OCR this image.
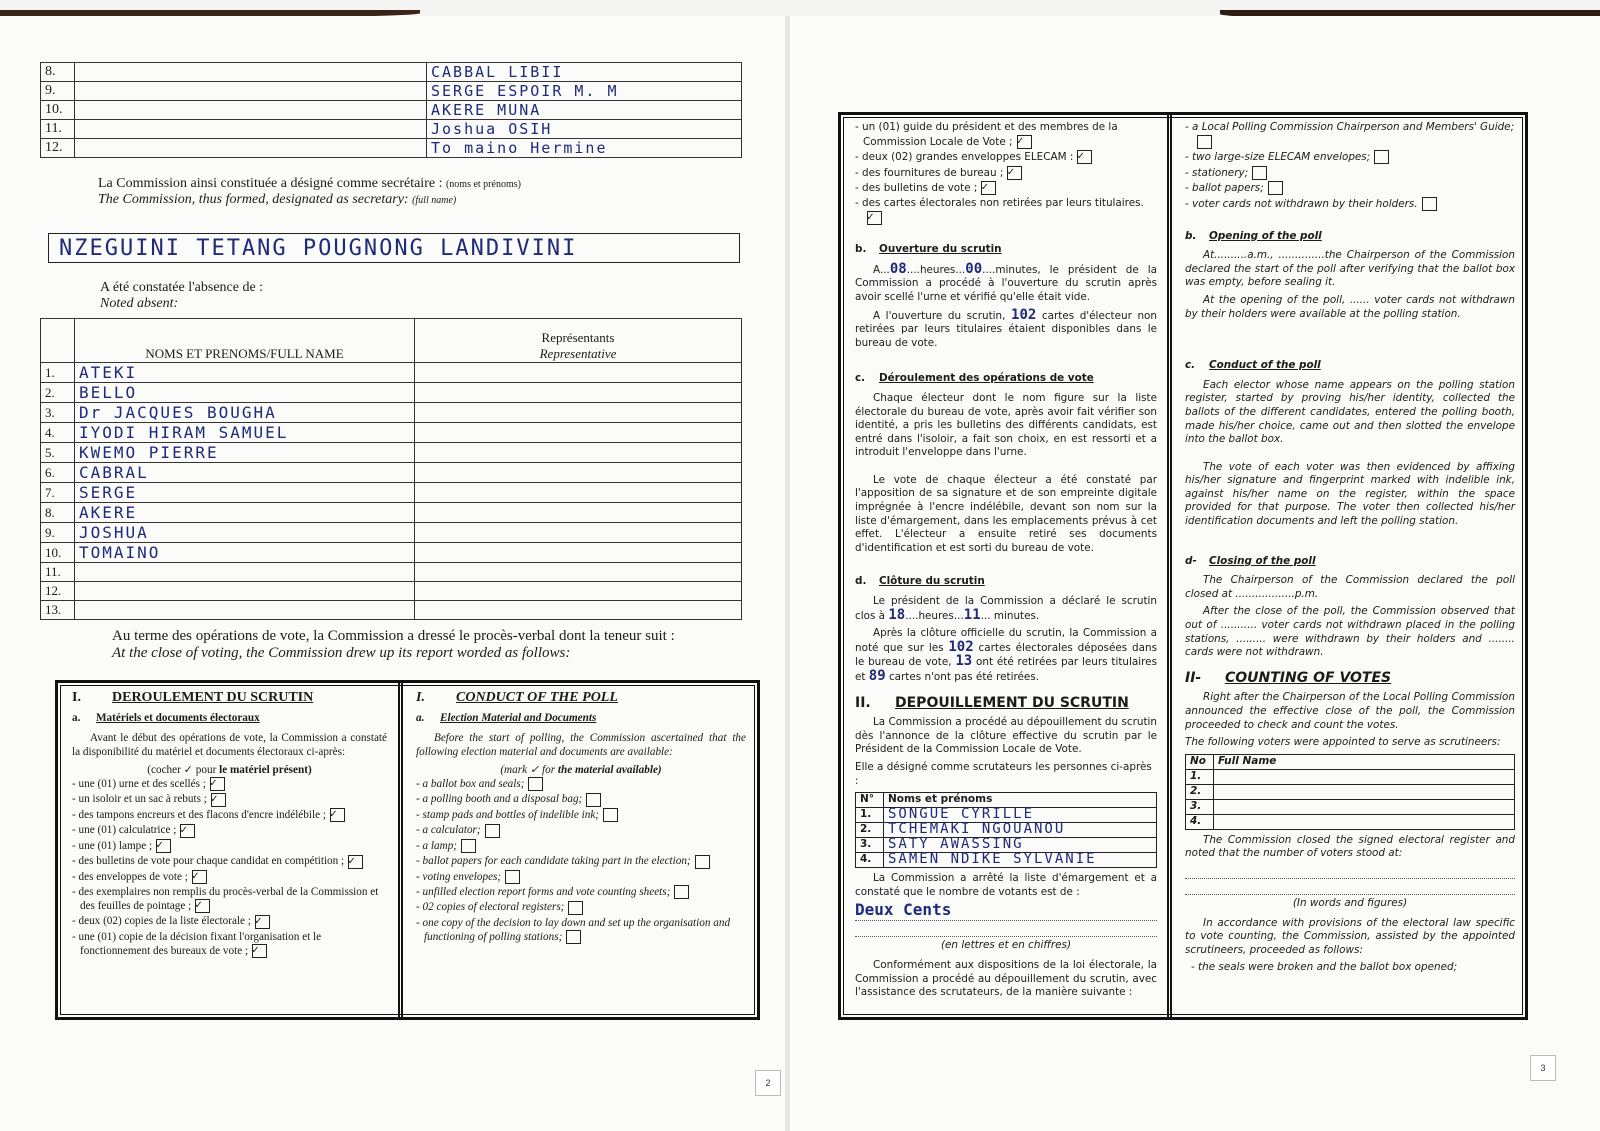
8.		CABBAL LIBII
9.		SERGE ESPOIR M. M
10.		AKERE MUNA
11.		Joshua OSIH
12.		To maino Hermine
La Commission ainsi constituée a désigné comme secrétaire : (noms et prénoms)
The Commission, thus formed, designated as secretary: (full name)
NZEGUINI TETANG POUGNONG LANDIVINI
A été constatée l'absence de :
Noted absent:
	NOMS ET PRENOMS/FULL NAME	Représentants
Representative

1.	ATEKI	
2.	BELLO	
3.	Dr JACQUES BOUGHA	
4.	IYODI HIRAM SAMUEL	
5.	KWEMO PIERRE	
6.	CABRAL	
7.	SERGE	
8.	AKERE	
9.	JOSHUA	
10.	TOMAINO	
11.		
12.		
13.		
Au terme des opérations de vote, la Commission a dressé le procès-verbal dont la teneur suit :
At the close of voting, the Commission drew up its report worded as follows:
I. DEROULEMENT DU SCRUTIN
a. Matériels et documents électoraux
Avant le début des opérations de vote, la Commission a constaté la disponibilité du matériel et documents électoraux ci-après:
(cocher ✓ pour le matériel présent)
- une (01) urne et des scellés ; ✓
- un isoloir et un sac à rebuts ; ✓
- des tampons encreurs et des flacons d'encre indélébile ; ✓
- une (01) calculatrice ; ✓
- une (01) lampe ; ✓
- des bulletins de vote pour chaque candidat en compétition ; ✓
- des enveloppes de vote ; ✓
- des exemplaires non remplis du procès-verbal de la Commission et des feuilles de pointage ; ✓
- deux (02) copies de la liste électorale ; ✓
- une (01) copie de la décision fixant l'organisation et le fonctionnement des bureaux de vote ; ✓
I. CONDUCT OF THE POLL
a. Election Material and Documents
Before the start of polling, the Commission ascertained that the following election material and documents are available:
(mark ✓ for the material available)
- a ballot box and seals;
- a polling booth and a disposal bag;
- stamp pads and bottles of indelible ink;
- a calculator;
- a lamp;
- ballot papers for each candidate taking part in the election;
- voting envelopes;
- unfilled election report forms and vote counting sheets;
- 02 copies of electoral registers;
- one copy of the decision to lay down and set up the organisation and functioning of polling stations;
2
- un (01) guide du président et des membres de la Commission Locale de Vote ; ✓
- deux (02) grandes enveloppes ELECAM : ✓
- des fournitures de bureau ; ✓
- des bulletins de vote ; ✓
- des cartes électorales non retirées par leurs titulaires.✓
b. Ouverture du scrutin
A...08....heures...00....minutes, le président de la Commission a procédé à l'ouverture du scrutin après avoir scellé l'urne et vérifié qu'elle était vide.
A l'ouverture du scrutin, 102 cartes d'électeur non retirées par leurs titulaires étaient disponibles dans le bureau de vote.
c. Déroulement des opérations de vote
Chaque électeur dont le nom figure sur la liste électorale du bureau de vote, après avoir fait vérifier son identité, a pris les bulletins des différents candidats, est entré dans l'isoloir, a fait son choix, en est ressorti et a introduit l'enveloppe dans l'urne.
Le vote de chaque électeur a été constaté par l'apposition de sa signature et de son empreinte digitale imprégnée à l'encre indélébile, devant son nom sur la liste d'émargement, dans les emplacements prévus à cet effet. L'électeur a ensuite retiré ses documents d'identification et est sorti du bureau de vote.
d. Clôture du scrutin
Le président de la Commission a déclaré le scrutin clos à 18....heures...11... minutes.
Après la clôture officielle du scrutin, la Commission a noté que sur les 102 cartes électorales déposées dans le bureau de vote, 13 ont été retirées par leurs titulaires et 89 cartes n'ont pas été retirées.
II. DEPOUILLEMENT DU SCRUTIN
La Commission a procédé au dépouillement du scrutin dès l'annonce de la clôture effective du scrutin par le Président de la Commission Locale de Vote.
Elle a désigné comme scrutateurs les personnes ci-après :
N°	Noms et prénoms
1.	SONGUE CYRILLE
2.	TCHEMAKI NGOUANOU
3.	SATY AWASSING
4.	SAMEN NDIKE SYLVANIE
La Commission a arrêté la liste d'émargement et a constaté que le nombre de votants est de :
Deux Cents
(en lettres et en chiffres)
Conformément aux dispositions de la loi électorale, la Commission a procédé au dépouillement du scrutin, avec l'assistance des scrutateurs, de la manière suivante :
- a Local Polling Commission Chairperson and Members' Guide;
- two large-size ELECAM envelopes;
- stationery;
- ballot papers;
- voter cards not withdrawn by their holders.
b. Opening of the poll
At..........a.m., ..............the Chairperson of the Commission declared the start of the poll after verifying that the ballot box was empty, before sealing it.
At the opening of the poll, ...... voter cards not withdrawn by their holders were available at the polling station.
c. Conduct of the poll
Each elector whose name appears on the polling station register, started by proving his/her identity, collected the ballots of the different candidates, entered the polling booth, made his/her choice, came out and then slotted the envelope into the ballot box.
The vote of each voter was then evidenced by affixing his/her signature and fingerprint marked with indelible ink, against his/her name on the register, within the space provided for that purpose. The voter then collected his/her identification documents and left the polling station.
d- Closing of the poll
The Chairperson of the Commission declared the poll closed at ..................p.m.
After the close of the poll, the Commission observed that out of ........... voter cards not withdrawn placed in the polling stations, ......... were withdrawn by their holders and ........ cards were not withdrawn.
II- COUNTING OF VOTES
Right after the Chairperson of the Local Polling Commission announced the effective close of the poll, the Commission proceeded to check and count the votes.
The following voters were appointed to serve as scrutineers:
No	Full Name
1.	
2.	
3.	
4.	
The Commission closed the signed electoral register and noted that the number of voters stood at:
(In words and figures)
In accordance with provisions of the electoral law specific to vote counting, the Commission, assisted by the appointed scrutineers, proceeded as follows:
- the seals were broken and the ballot box opened;
3
